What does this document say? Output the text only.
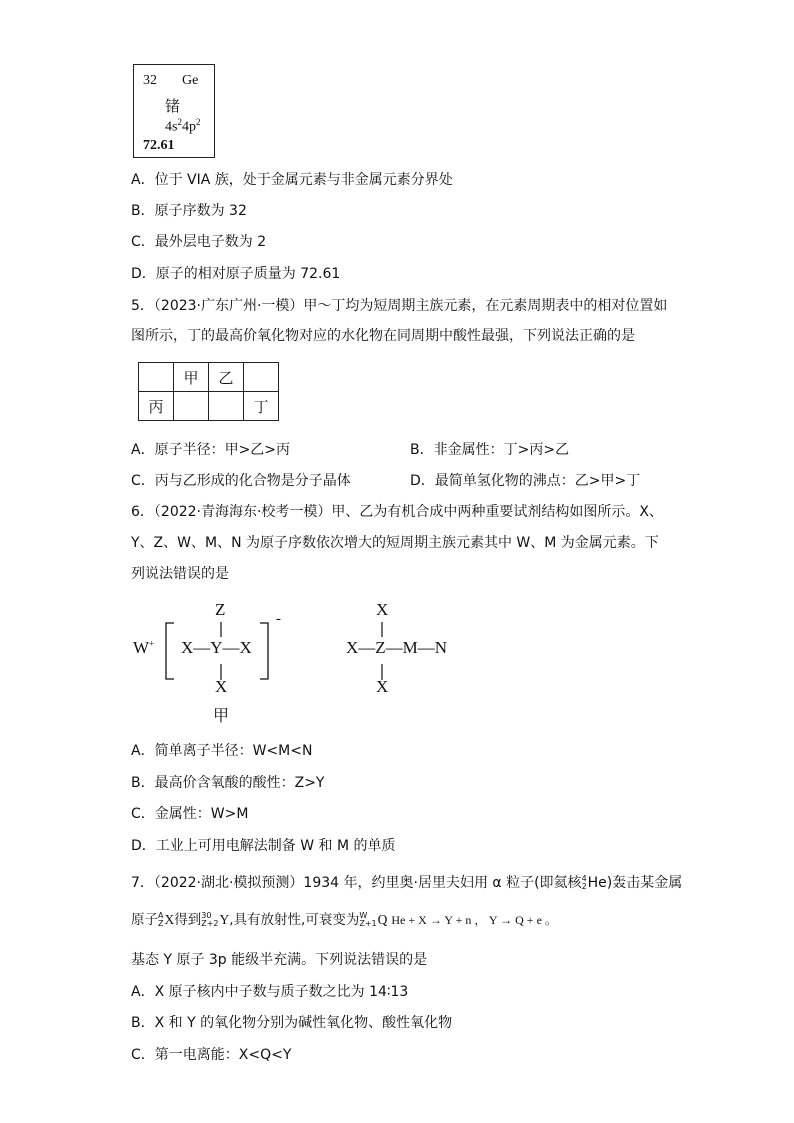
32 Ge
锗
$4s^24p^2$
72.61
A．位于 VIA 族，处于金属元素与非金属元素分界处
B．原子序数为 32
C．最外层电子数为 2
D．原子的相对原子质量为 72.61
5．（2023·广东广州·一模）甲～丁均为短周期主族元素，在元素周期表中的相对位置如
图所示，丁的最高价氧化物对应的水化物在同周期中酸性最强，下列说法正确的是
	甲	乙	
丙			丁
A．原子半径：甲>乙>丙	B．非金属性：丁>丙>乙
C．丙与乙形成的化合物是分子晶体	D．最简单氢化物的沸点：乙>甲>丁
6．（2022·青海海东·校考一模）甲、乙为有机合成中两种重要试剂结构如图所示。X、
Y、Z、W、M、N 为原子序数依次增大的短周期主族元素其中 W、M 为金属元素。下
列说法错误的是
W+
Z
X—Y—X
X
-
甲
X
X—Z—M—N
X
A．简单离子半径：W<M<N
B．最高价含氧酸的酸性：Z>Y
C．金属性：W>M
D．工业上可用电解法制备 W 和 M 的单质
7．（2022·湖北·模拟预测）1934 年，约里奥·居里夫妇用 α 粒子(即氦核 4
2 He)轰击某金属
原子 A
Z X得到 30
Z+2 Y,具有放射性,可衰变为 W
Z+1 Q He + X → Y + n ， Y → Q + e 。
基态 Y 原子 3p 能级半充满。下列说法错误的是
A．X 原子核内中子数与质子数之比为 14∶13
B．X 和 Y 的氧化物分别为碱性氧化物、酸性氧化物
C．第一电离能：X<Q<Y
